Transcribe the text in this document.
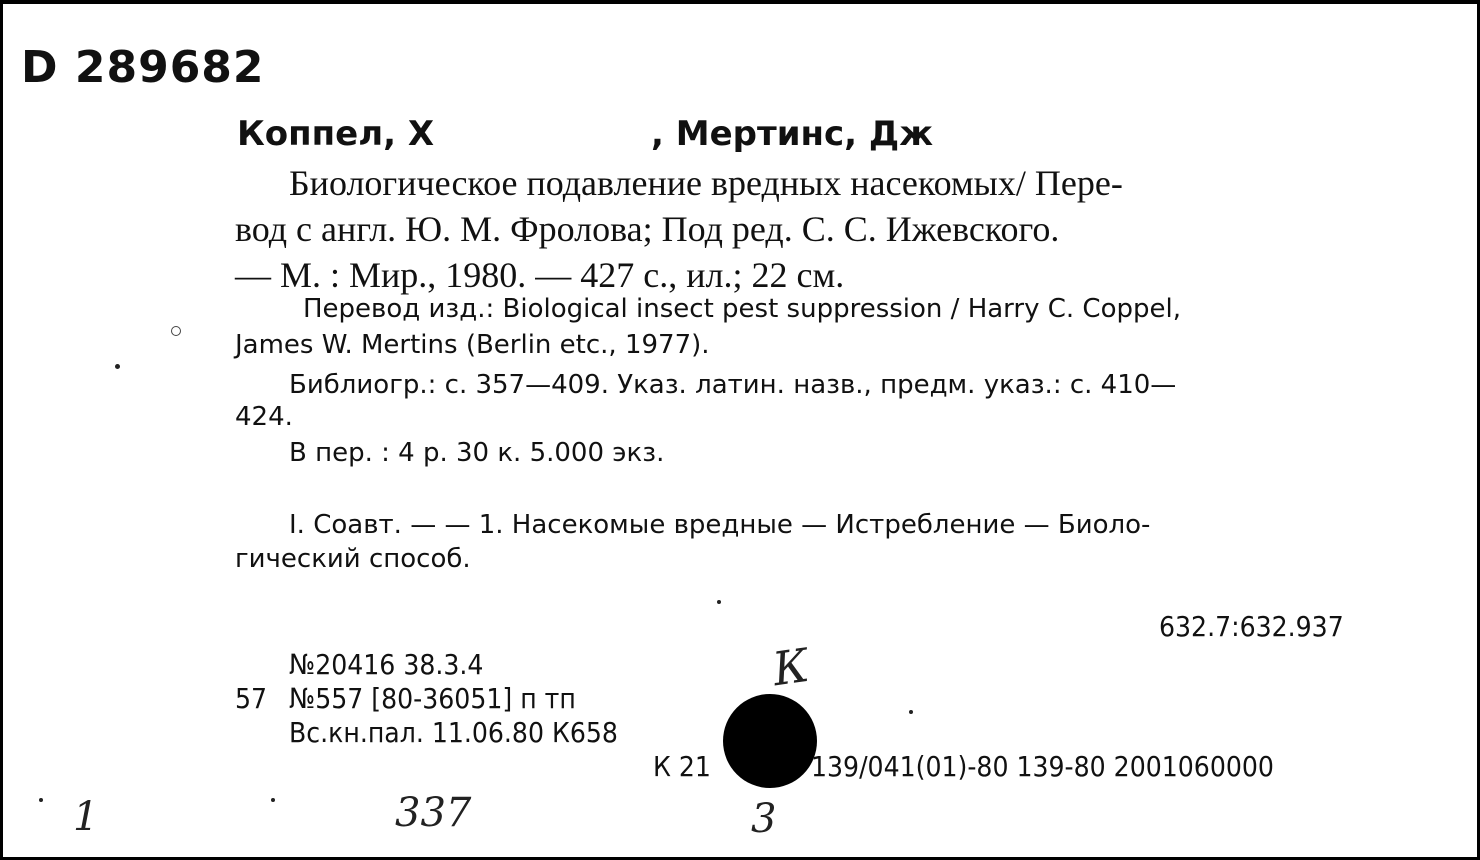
D 289682
Коппел, Х	, Мертинс, Дж
Биологическое подавление вредных насекомых/ Пере-
вод с англ. Ю. М. Фролова; Под ред. С. С. Ижевского.
— М. : Мир., 1980. — 427 с., ил.; 22 см.
Перевод изд.: Biological insect pest suppression / Harry C. Coppel,
James W. Mertins (Berlin etc., 1977).
Библиогр.: с. 357—409. Указ. латин. назв., предм. указ.: с. 410—
424.
В пер. : 4 р. 30 к. 5.000 экз.
I. Соавт. — — 1. Насекомые вредные — Истребление — Биоло-
гический способ.
632.7:632.937
№20416 38.3.4
57 №557 [80-36051] п тп
Вс.кн.пал. 11.06.80 К658
К 21	139/041(01)-80 139-80 2001060000
К
1	337	3
